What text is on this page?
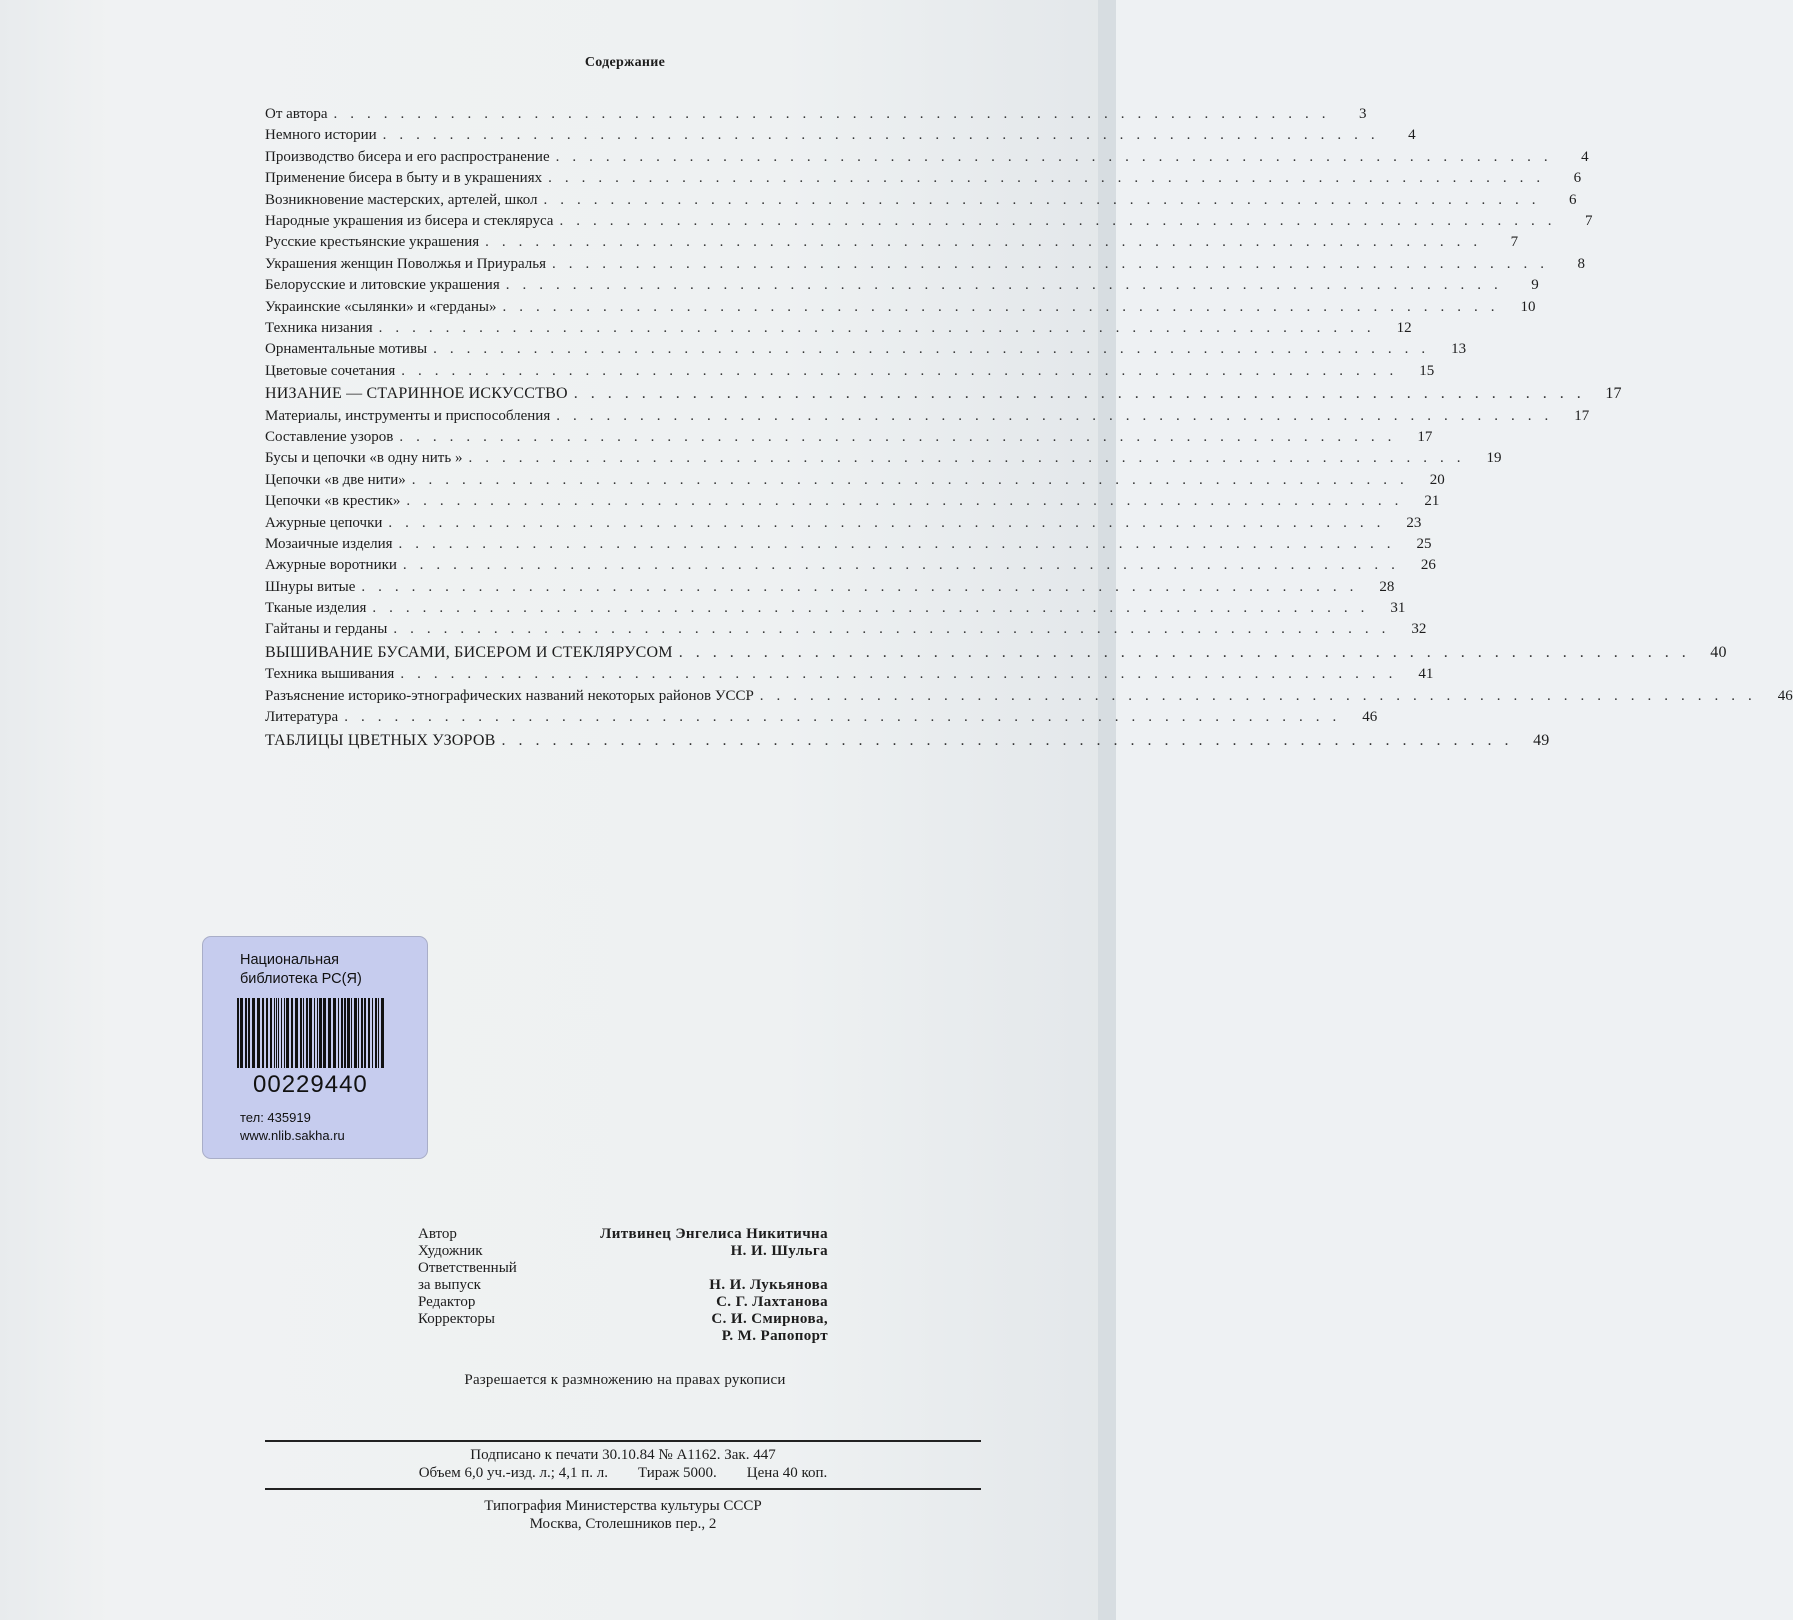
Содержание
От автора ............................................................	3
Немного истории ............................................................	4
Производство бисера и его распространение ............................................................	4
Применение бисера в быту и в украшениях ............................................................	6
Возникновение мастерских, артелей, школ ............................................................	6
Народные украшения из бисера и стекляруса ............................................................	7
Русские крестьянские украшения ............................................................	7
Украшения женщин Поволжья и Приуралья ............................................................	8
Белорусские и литовские украшения ............................................................	9
Украинские «сылянки» и «герданы» ............................................................ 10
Техника низания ............................................................ 12
Орнаментальные мотивы ............................................................ 13
Цветовые сочетания ............................................................ 15
НИЗАНИЕ — СТАРИННОЕ ИСКУССТВО ............................................................ 17
Материалы, инструменты и приспособления ............................................................ 17
Составление узоров ............................................................ 17
Бусы и цепочки «в одну нить » ............................................................ 19
Цепочки «в две нити» ............................................................ 20
Цепочки «в крестик» ............................................................ 21
Ажурные цепочки ............................................................ 23
Мозаичные изделия ............................................................ 25
Ажурные воротники ............................................................ 26
Шнуры витые ............................................................ 28
Тканые изделия ............................................................ 31
Гайтаны и герданы ............................................................ 32
ВЫШИВАНИЕ БУСАМИ, БИСЕРОМ И СТЕКЛЯРУСОМ ............................................................ 40
Техника вышивания ............................................................ 41
Разъяснение историко-этнографических названий некоторых районов УССР ............................................................ 46
Литература ............................................................ 46
ТАБЛИЦЫ ЦВЕТНЫХ УЗОРОВ ............................................................ 49
Национальная
библиотека РС(Я)
00229440
тел: 435919
www.nlib.sakha.ru
Автор	Литвинец Энгелиса Никитична
Художник	Н. И. Шульга
Ответственный
за выпуск	Н. И. Лукьянова
Редактор	С. Г. Лахтанова
Корректоры	С. И. Смирнова,
Р. М. Рапопорт
Разрешается к размножению на правах рукописи
Подписано к печати 30.10.84 № А1162. Зак. 447
Объем 6,0 уч.-изд. л.; 4,1 п. л.        Тираж 5000.        Цена 40 коп.
Типография Министерства культуры СССР
Москва, Столешников пер., 2
